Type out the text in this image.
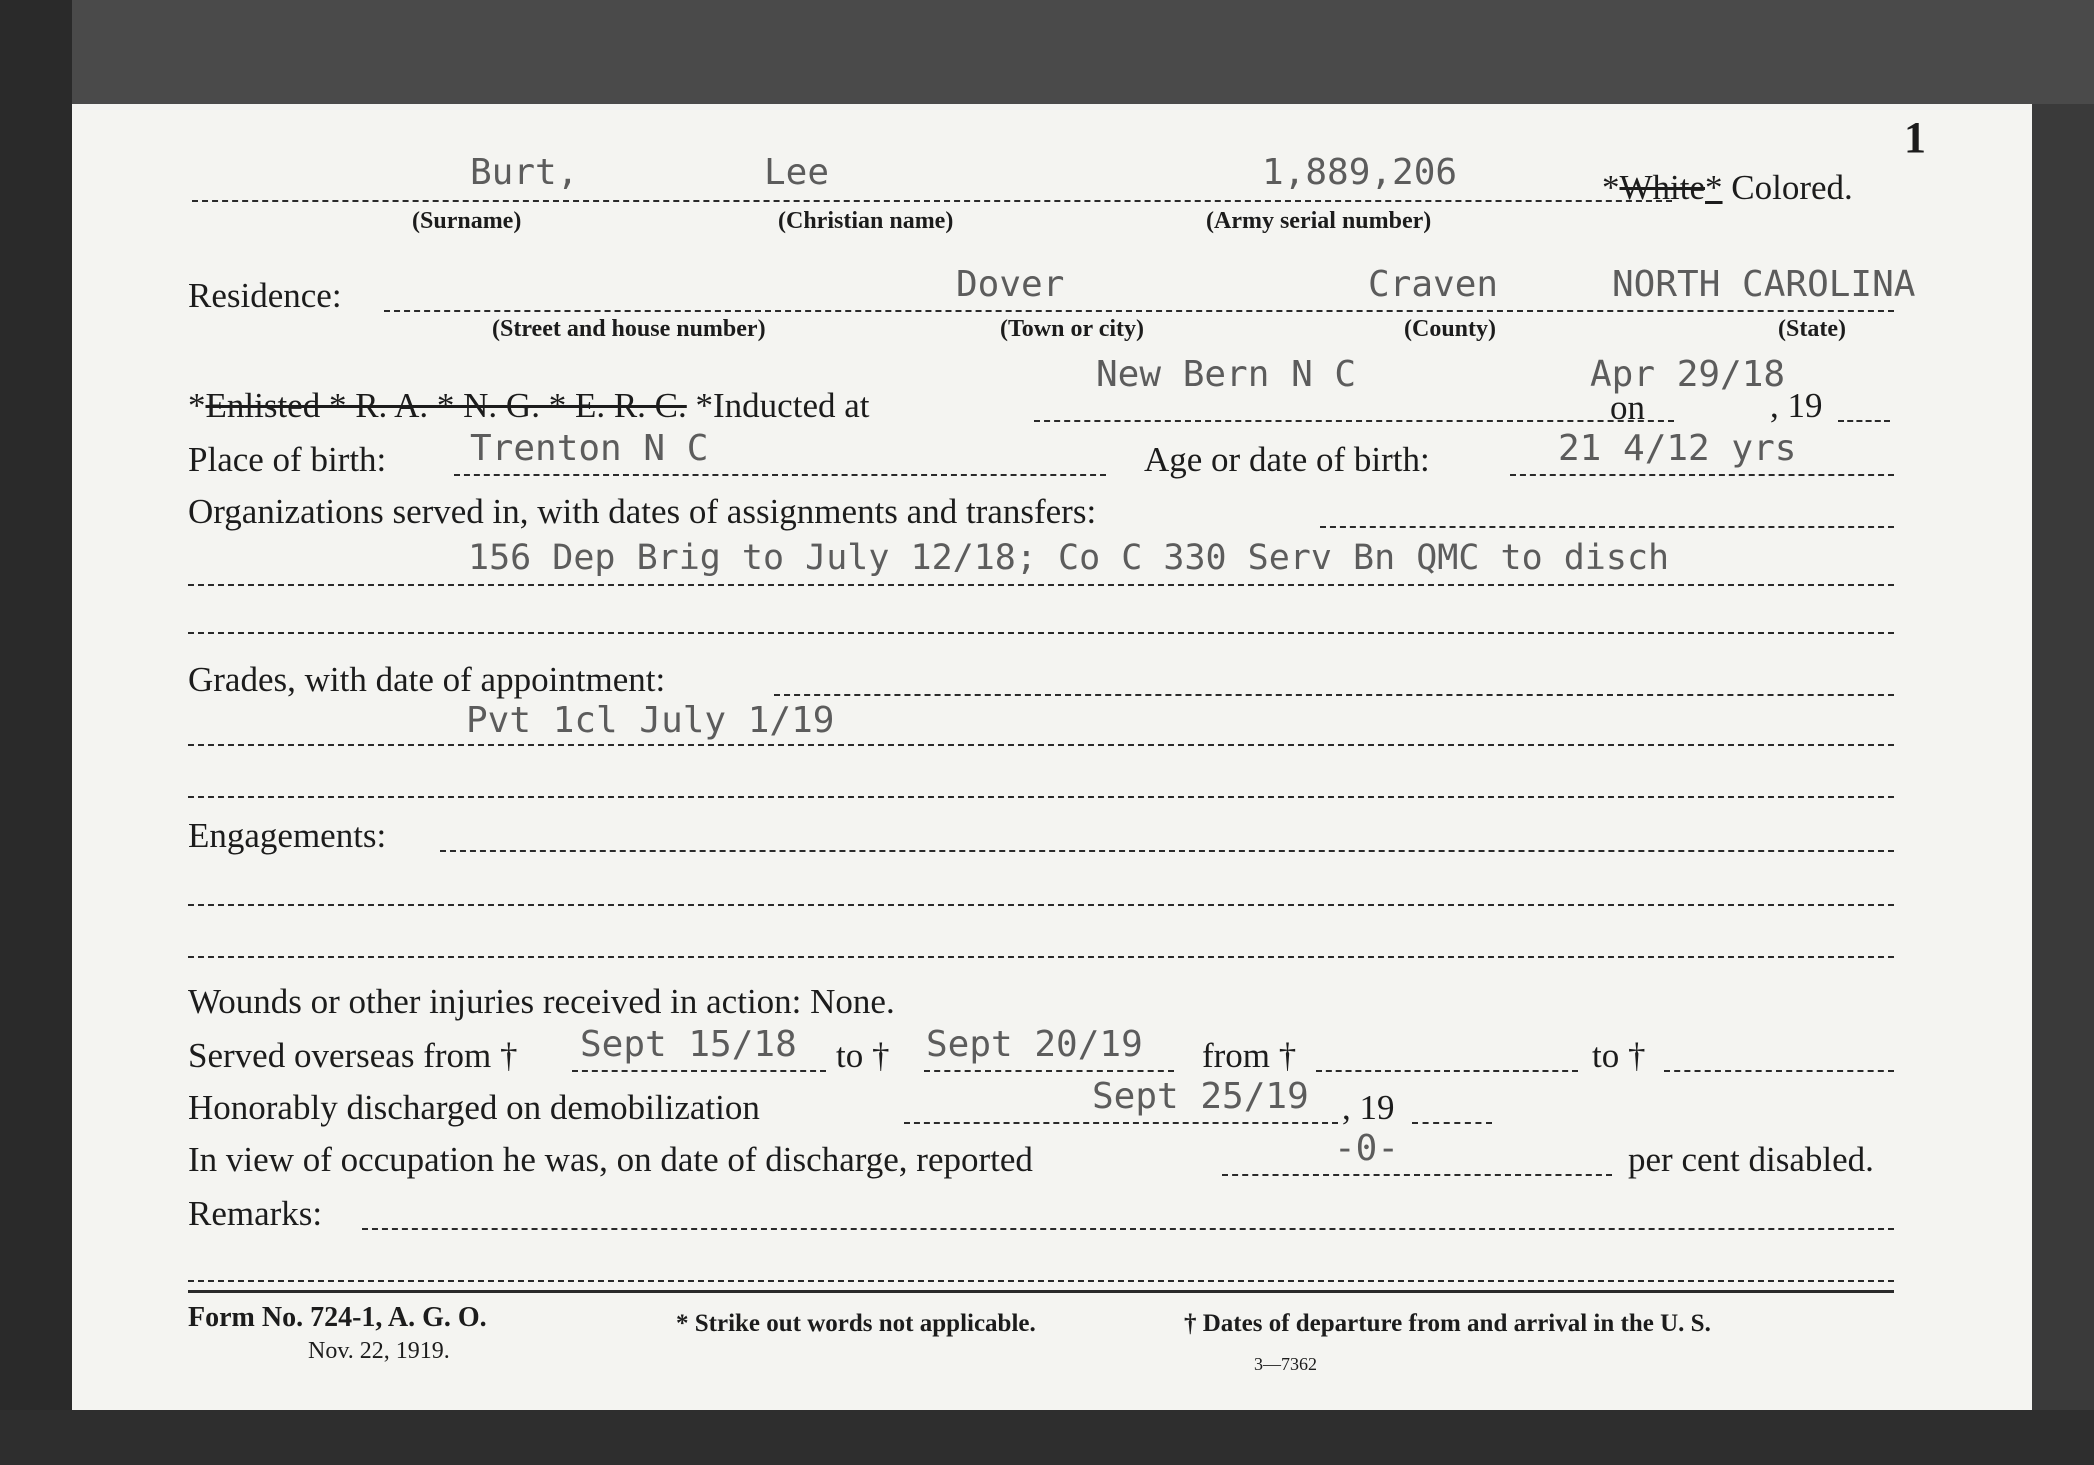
1
Burt,	Lee	1,889,206	*White* Colored.
(Surname)	(Christian name)	(Army serial number)
Residence:	Dover	Craven	NORTH CAROLINA
(Street and house number)	(Town or city)	(County)	(State)
*Enlisted * R. A. * N. G. * E. R. C. *Inducted at
New Bern N C	Apr 29/18
on	, 19
Place of birth: Trenton N C	Age or date of birth:	21 4/12 yrs
Organizations served in, with dates of assignments and transfers:
156 Dep Brig to July 12/18; Co C 330 Serv Bn QMC to disch
Grades, with date of appointment:
Pvt 1cl July 1/19
Engagements:
Wounds or other injuries received in action: None.
Served overseas from † Sept 15/18 to † Sept 20/19 from †	to †
Honorably discharged on demobilization	Sept 25/19 , 19
In view of occupation he was, on date of discharge, reported	-0-	per cent disabled.
Remarks:
Form No. 724-1, A. G. O.
Nov. 22, 1919.
* Strike out words not applicable.	† Dates of departure from and arrival in the U. S.
3—7362
